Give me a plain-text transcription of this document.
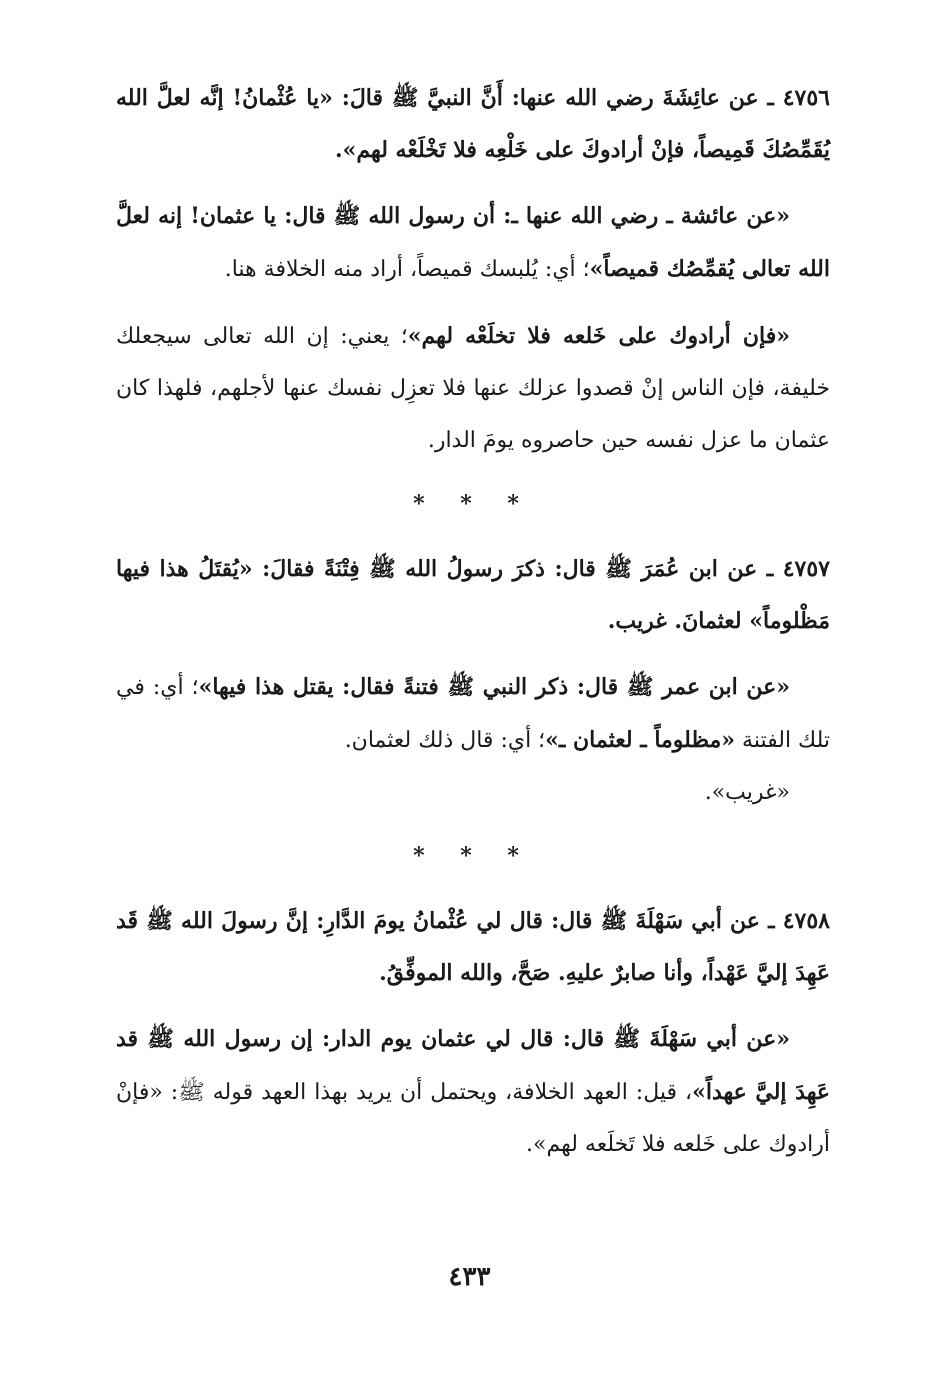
٤٧٥٦ ـ عن عائِشَةَ رضي الله عنها: أَنَّ النبيَّ ﷺ قالَ: «يا عُثْمانُ! إنَّه لعلَّ الله يُقَمِّصُكَ قَمِيصاً، فإنْ أرادوكَ على خَلْعِه فلا تَخْلَعْه لهم».

«عن عائشة ـ رضي الله عنها ـ: أن رسول الله ﷺ قال: يا عثمان! إنه لعلَّ الله تعالى يُقمِّصُك قميصاً»؛ أي: يُلبسك قميصاً، أراد منه الخلافة هنا.

«فإن أرادوك على خَلعه فلا تخلَعْه لهم»؛ يعني: إن الله تعالى سيجعلك خليفة، فإن الناس إنْ قصدوا عزلك عنها فلا تعزِل نفسك عنها لأجلهم، فلهذا كان عثمان ما عزل نفسه حين حاصروه يومَ الدار.

* * *

٤٧٥٧ ـ عن ابن عُمَرَ ﷺ قال: ذكرَ رسولُ الله ﷺ فِتْنَةً فقالَ: «يُقتَلُ هذا فيها مَظْلوماً» لعثمانَ. غريب.

«عن ابن عمر ﷺ قال: ذكر النبي ﷺ فتنةً فقال: يقتل هذا فيها»؛ أي: في تلك الفتنة «مظلوماً ـ لعثمان ـ»؛ أي: قال ذلك لعثمان.

«غريب».

* * *

٤٧٥٨ ـ عن أبي سَهْلَةَ ﷺ قال: قال لي عُثْمانُ يومَ الدَّارِ: إنَّ رسولَ الله ﷺ قَد عَهِدَ إليَّ عَهْداً، وأنا صابرٌ عليهِ. صَحَّ، والله الموفِّقُ.

«عن أبي سَهْلَةَ ﷺ قال: قال لي عثمان يوم الدار: إن رسول الله ﷺ قد عَهِدَ إليَّ عهداً»، قيل: العهد الخلافة، ويحتمل أن يريد بهذا العهد قوله ﷺ: «فإنْ أرادوك على خَلعه فلا تَخلَعه لهم».

٤٣٣
